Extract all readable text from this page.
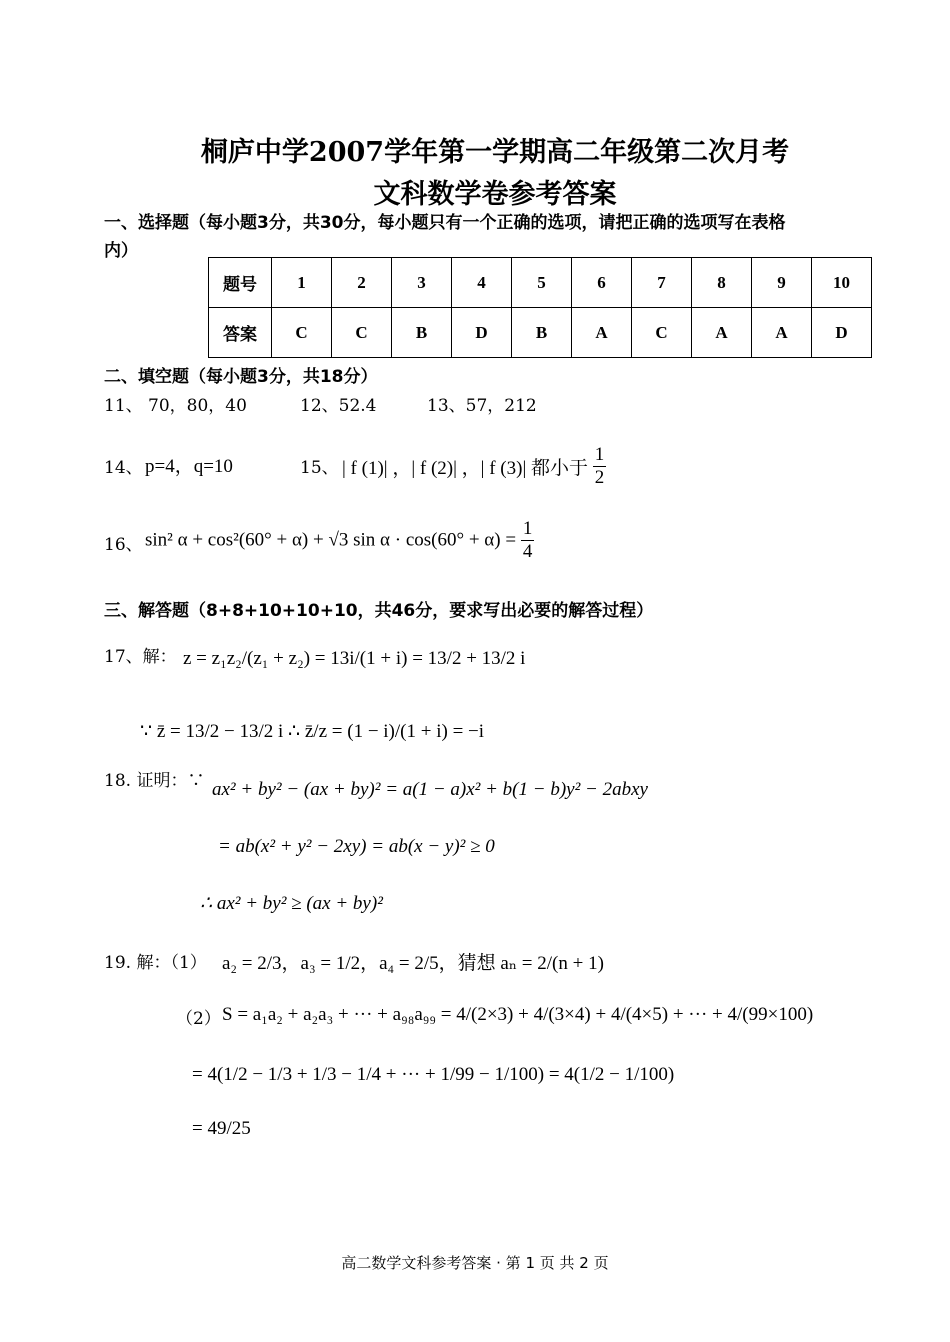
桐庐中学2007学年第一学期高二年级第二次月考
文科数学卷参考答案
一、选择题（每小题3分，共30分，每小题只有一个正确的选项，请把正确的选项写在表格
内）
题号	1	2	3	4	5	6	7	8	9	10
答案	C	C	B	D	B	A	C	A	A	D
二、填空题（每小题3分，共18分）
11、 70，80，40	12、52.4	13、57，212
14、 p=4，q=10	15、 | f (1)| ，| f (2)| ，| f (3)| 都小于 $\frac{1}{2}$
16、 sin² α + cos²(60° + α) + √3 $\sin \alpha \cdot \cos(60^\circ + \alpha) = \frac{1}{4}$
三、解答题（8+8+10+10+10，共46分，要求写出必要的解答过程）
17、解： z = z₁z₂/(z₁ + z₂) = 13i/(1 + i) = 13/2 + 13/2 i
∵ z̄ = 13/2 − 13/2 i ∴ z̄/z = (1 − i)/(1 + i) = −i
18. 证明：∵ ax² + by² − (ax + by)² = a(1 − a)x² + b(1 − b)y² − 2abxy
= ab(x² + y² − 2xy) = ab(x − y)² ≥ 0
∴ ax² + by² ≥ (ax + by)²
19. 解：（1） a₂ = 2/3，a₃ = 1/2，a₄ = 2/5，猜想 aₙ = 2/(n + 1)
（2） S = a₁a₂ + a₂a₃ + ··· + a₉₈a₉₉ = 4/(2×3) + 4/(3×4) + 4/(4×5) + ··· + 4/(99×100)
= 4(1/2 − 1/3 + 1/3 − 1/4 + ··· + 1/99 − 1/100) = 4(1/2 − 1/100)
= 49/25
高二数学文科参考答案 · 第 1 页 共 2 页
